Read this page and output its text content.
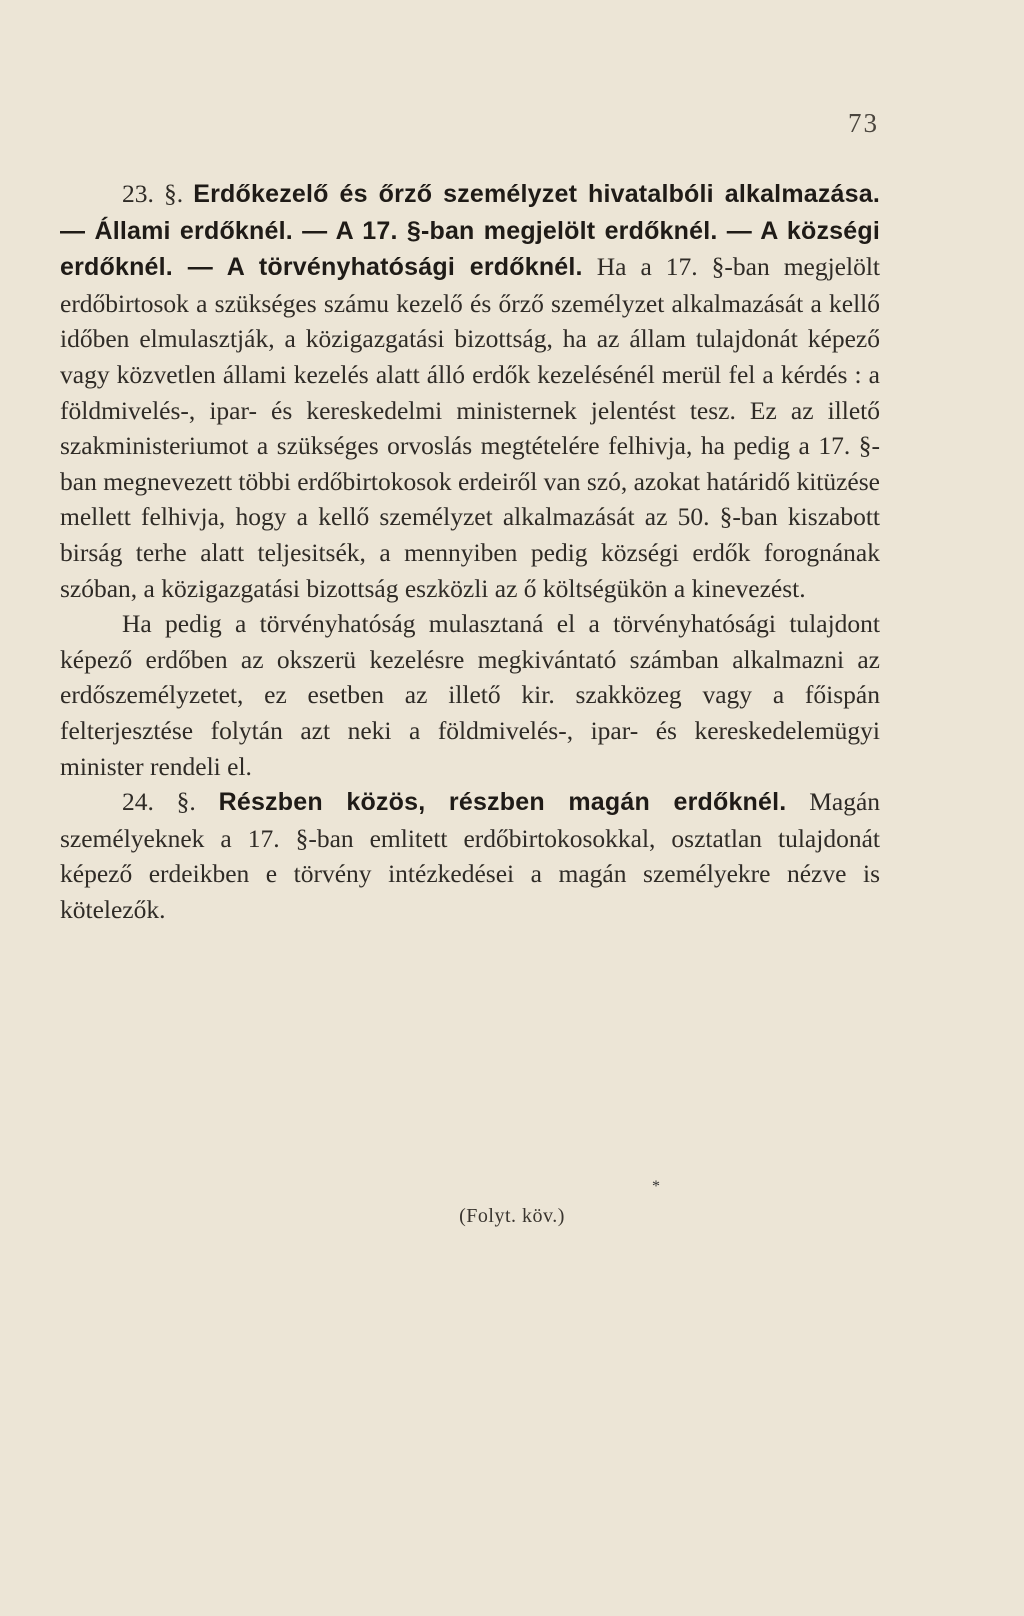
73

23. §. Erdőkezelő és őrző személyzet hivatalbóli alkalmazása. — Állami erdőknél. — A 17. §-ban megjelölt erdőknél. — A községi erdőknél. — A törvényhatósági erdőknél. Ha a 17. §-ban megjelölt erdőbirtosok a szükséges számu kezelő és őrző személyzet alkalmazását a kellő időben elmulasztják, a közigazgatási bizottság, ha az állam tulajdonát képező vagy közvetlen állami kezelés alatt álló erdők kezelésénél merül fel a kérdés : a földmivelés-, ipar- és kereskedelmi ministernek jelentést tesz. Ez az illető szakministeriumot a szükséges orvoslás megtételére felhivja, ha pedig a 17. §-ban megnevezett többi erdőbirtokosok erdeiről van szó, azokat határidő kitüzése mellett felhivja, hogy a kellő személyzet alkalmazását az 50. §-ban kiszabott birság terhe alatt teljesitsék, a mennyiben pedig községi erdők forognának szóban, a közigazgatási bizottság eszközli az ő költségükön a kinevezést.

Ha pedig a törvényhatóság mulasztaná el a törvényhatósági tulajdont képező erdőben az okszerü kezelésre megkivántató számban alkalmazni az erdőszemélyzetet, ez esetben az illető kir. szakközeg vagy a főispán felterjesztése folytán azt neki a földmivelés-, ipar- és kereskedelemügyi minister rendeli el.

24. §. Részben közös, részben magán erdőknél. Magán személyeknek a 17. §-ban emlitett erdőbirtokosokkal, osztatlan tulajdonát képező erdeikben e törvény intézkedései a magán személyekre nézve is kötelezők.

*
(Folyt. köv.)
